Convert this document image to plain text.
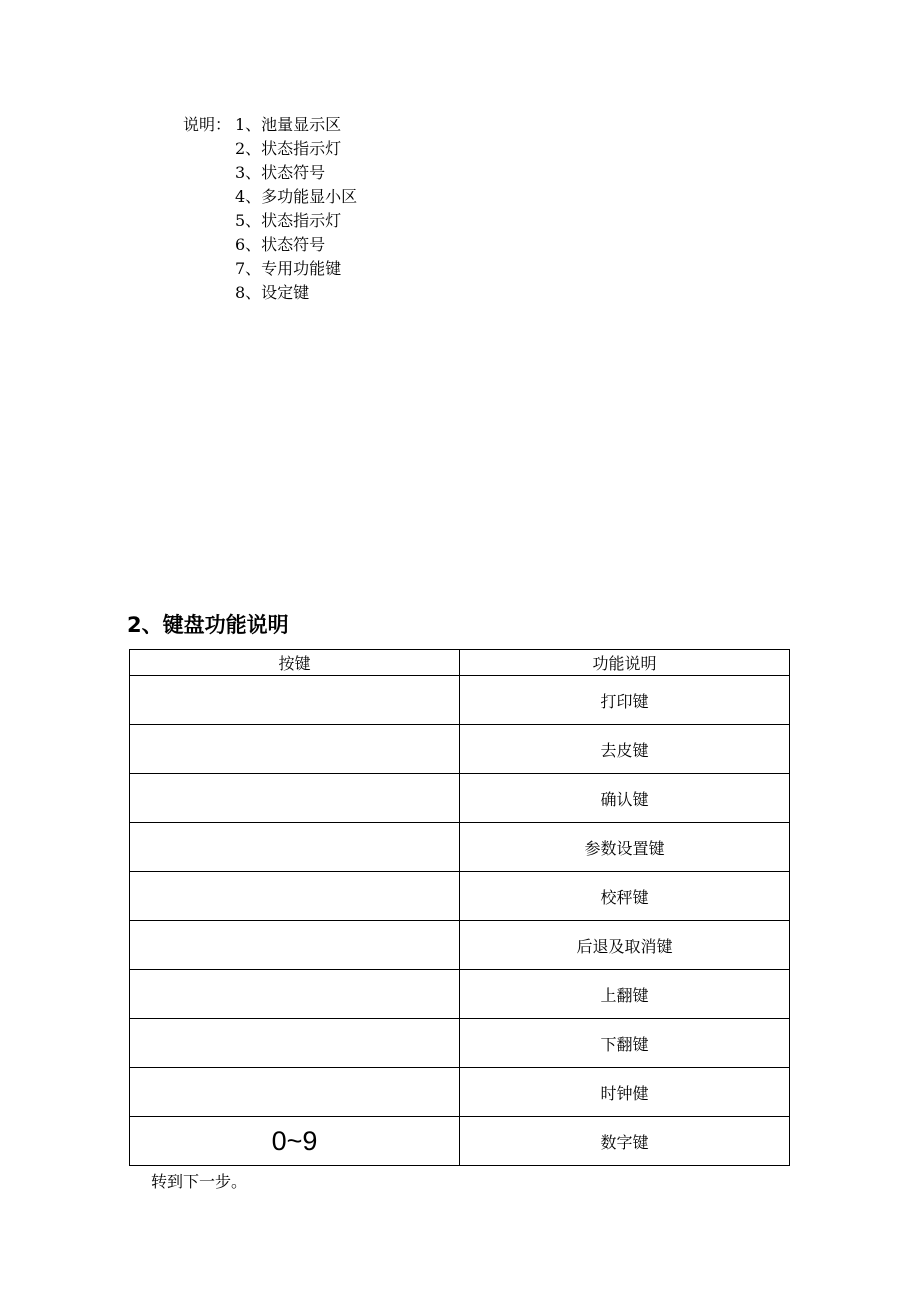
说明： 1、池量显示区
2、状态指示灯
3、状态符号
4、多功能显小区
5、状态指示灯
6、状态符号
7、专用功能键
8、设定键
2、键盘功能说明
按键	功能说明
	打印键
	去皮键
	确认键
	参数设置键
	校秤键
	后退及取消键
	上翻键
	下翻键
	时钟健
0~9	数字键
转到下一步。
